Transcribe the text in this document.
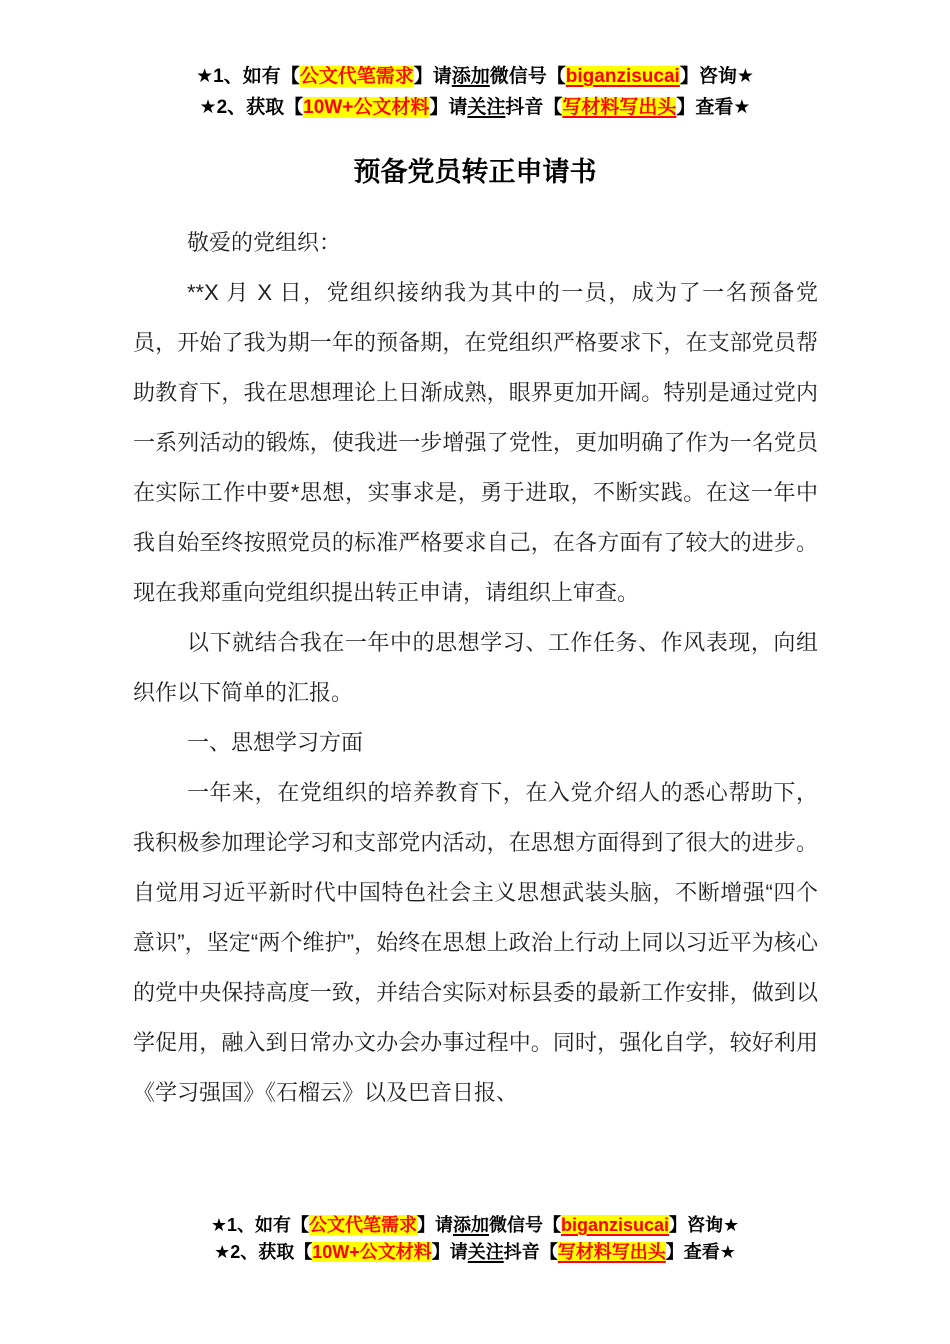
★1、如有【公文代笔需求】请添加微信号【biganzisucai】咨询★
★2、获取【10W+公文材料】请关注抖音【写材料写出头】查看★
预备党员转正申请书

敬爱的党组织：

**X 月 X 日，党组织接纳我为其中的一员，成为了一名预备党员，开始了我为期一年的预备期，在党组织严格要求下，在支部党员帮助教育下，我在思想理论上日渐成熟，眼界更加开阔。特别是通过党内一系列活动的锻炼，使我进一步增强了党性，更加明确了作为一名党员在实际工作中要*思想，实事求是，勇于进取，不断实践。在这一年中我自始至终按照党员的标准严格要求自己，在各方面有了较大的进步。现在我郑重向党组织提出转正申请，请组织上审查。

以下就结合我在一年中的思想学习、工作任务、作风表现，向组织作以下简单的汇报。

一、思想学习方面

一年来，在党组织的培养教育下，在入党介绍人的悉心帮助下，我积极参加理论学习和支部党内活动，在思想方面得到了很大的进步。自觉用习近平新时代中国特色社会主义思想武装头脑，不断增强“四个意识”，坚定“两个维护”，始终在思想上政治上行动上同以习近平为核心的党中央保持高度一致，并结合实际对标县委的最新工作安排，做到以学促用，融入到日常办文办会办事过程中。同时，强化自学，较好利用《学习强国》《石榴云》以及巴音日报、

★1、如有【公文代笔需求】请添加微信号【biganzisucai】咨询★
★2、获取【10W+公文材料】请关注抖音【写材料写出头】查看★
